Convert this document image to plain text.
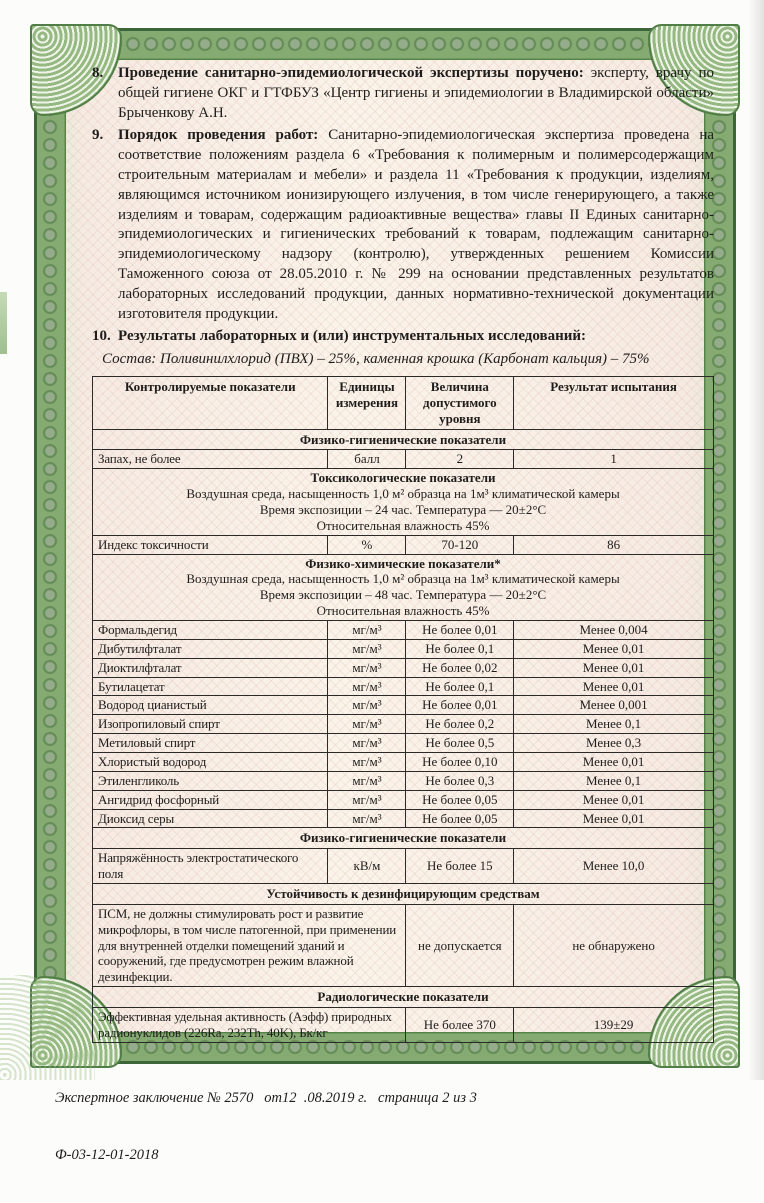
8. Проведение санитарно-эпидемиологической экспертизы поручено: эксперту, врачу по общей гигиене ОКГ и ГТФБУЗ «Центр гигиены и эпидемиологии в Владимирской области» Брыченкову А.Н.
9. Порядок проведения работ: Санитарно-эпидемиологическая экспертиза проведена на соответствие положениям раздела 6 «Требования к полимерным и полимерсодержащим строительным материалам и мебели» и раздела 11 «Требования к продукции, изделиям, являющимся источником ионизирующего излучения, в том числе генерирующего, а также изделиям и товарам, содержащим радиоактивные вещества» главы II Единых санитарно-эпидемиологических и гигиенических требований к товарам, подлежащим санитарно-эпидемиологическому надзору (контролю), утвержденных решением Комиссии Таможенного союза от 28.05.2010 г. № 299 на основании представленных результатов лабораторных исследований продукции, данных нормативно-технической документации изготовителя продукции.
10. Результаты лабораторных и (или) инструментальных исследований:
Состав: Поливинилхлорид (ПВХ) – 25%, каменная крошка (Карбонат кальция) – 75%
Контролируемые показатели	Единицы измерения	Величина допустимого уровня	Результат испытания
Физико-гигиенические показатели			
Запах, не более	балл	2	1

Токсикологические показатели
Воздушная среда, насыщенность 1,0 м² образца на 1м³ климатической камеры
Время экспозиции – 24 час. Температура — 20±2°С
Относительная влажность 45%			

Индекс токсичности	%	70-120	86

Физико-химические показатели*
Воздушная среда, насыщенность 1,0 м² образца на 1м³ климатической камеры
Время экспозиции – 48 час. Температура — 20±2°С
Относительная влажность 45%			

Формальдегид	мг/м³	Не более 0,01	Менее 0,004
Дибутилфталат	мг/м³	Не более 0,1	Менее 0,01
Диоктилфталат	мг/м³	Не более 0,02	Менее 0,01
Бутилацетат	мг/м³	Не более 0,1	Менее 0,01
Водород цианистый	мг/м³	Не более 0,01	Менее 0,001
Изопропиловый спирт	мг/м³	Не более 0,2	Менее 0,1
Метиловый спирт	мг/м³	Не более 0,5	Менее 0,3
Хлористый водород	мг/м³	Не более 0,10	Менее 0,01
Этиленгликоль	мг/м³	Не более 0,3	Менее 0,1
Ангидрид фосфорный	мг/м³	Не более 0,05	Менее 0,01
Диоксид серы	мг/м³	Не более 0,05	Менее 0,01
Физико-гигиенические показатели			
Напряжённость электростатического поля	кВ/м	Не более 15	Менее 10,0
Устойчивость к дезинфицирующим средствам			
ПСМ, не должны стимулировать рост и развитие микрофлоры, в том числе патогенной, при применении для внутренней отделки помещений зданий и сооружений, где предусмотрен режим влажной дезинфекции.		не допускается	не обнаружено
Радиологические показатели			
Эффективная удельная активность (Аэфф) природных радионуклидов (226Ra, 232Th, 40K), Бк/кг		Не более 370	139±29

Экспертное заключение № 2570   от12  .08.2019 г.   страница 2 из 3

Ф-03-12-01-2018
